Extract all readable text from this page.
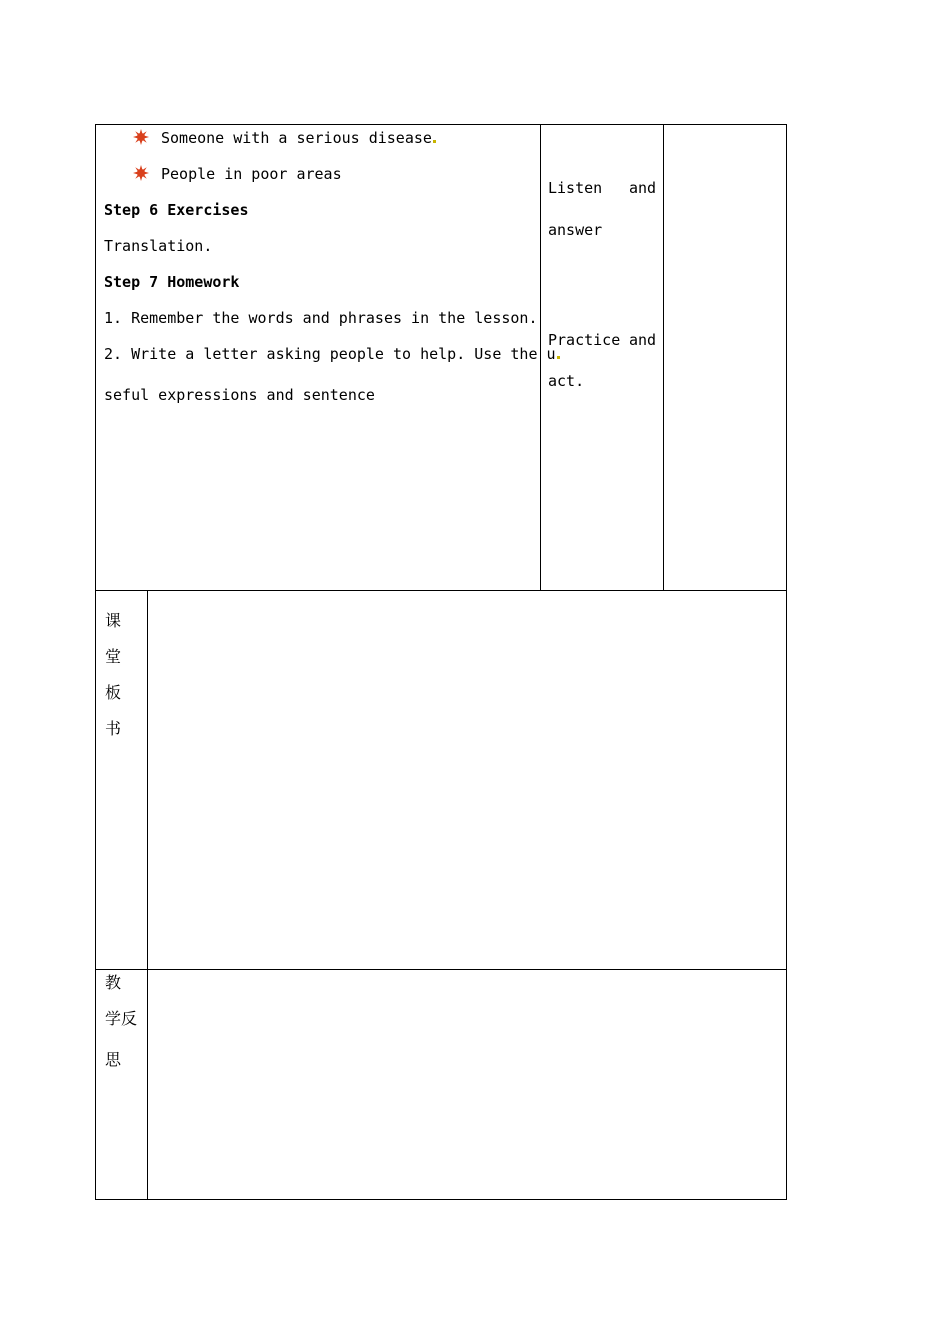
Someone with a serious disease
People in poor areas
Step 6 Exercises
Translation.
Step 7 Homework
1. Remember the words and phrases in the lesson.
2. Write a letter asking people to help. Use the u
seful expressions and sentence
Listen and
answer
Practice and
act.
课
堂
板
书
教
学反
思
